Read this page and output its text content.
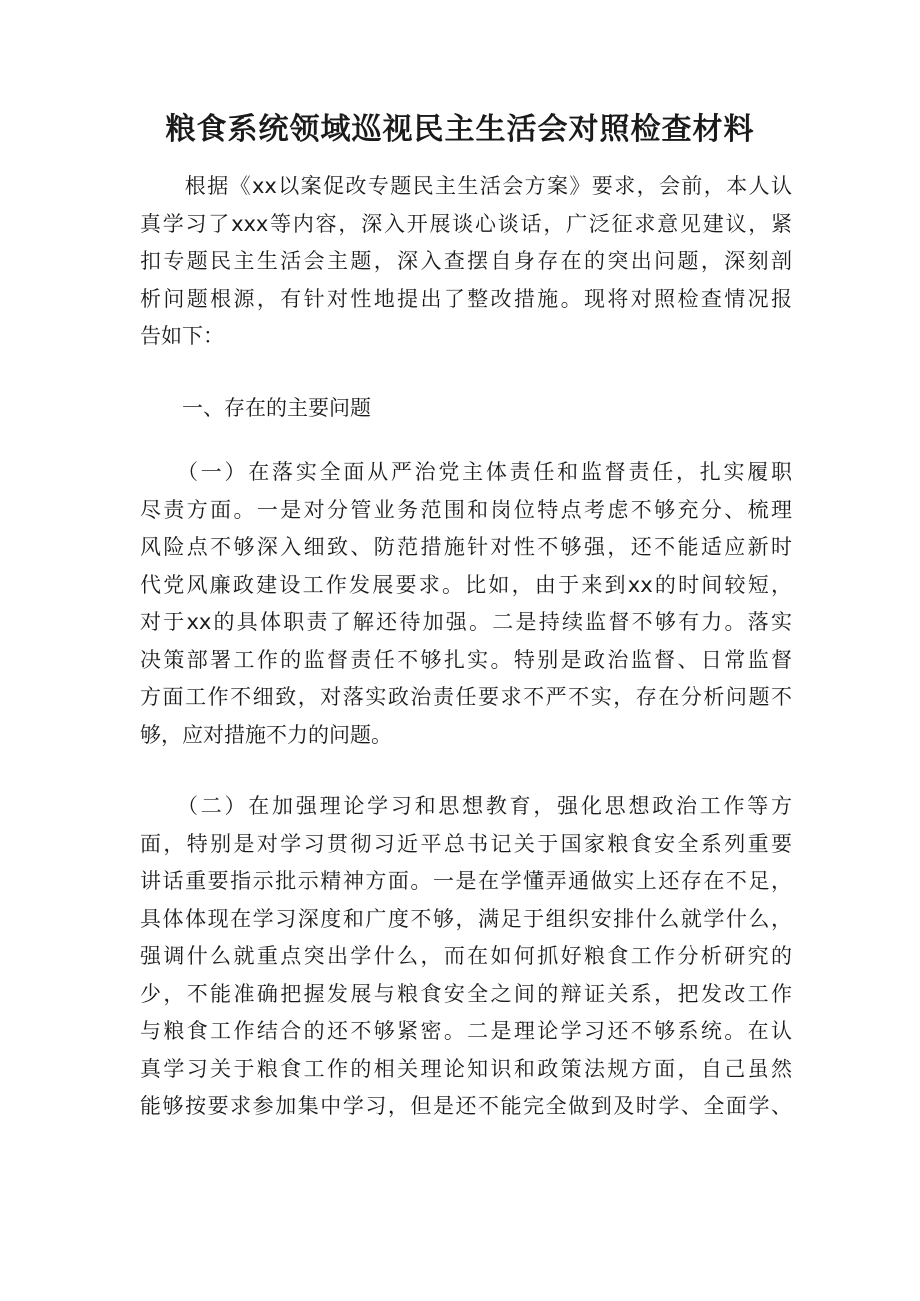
粮食系统领域巡视民主生活会对照检查材料
　　根据《xx以案促改专题民主生活会方案》要求，会前，本人认
真学习了xxx等内容，深入开展谈心谈话，广泛征求意见建议，紧
扣专题民主生活会主题，深入查摆自身存在的突出问题，深刻剖
析问题根源，有针对性地提出了整改措施。现将对照检查情况报
告如下：
　　一、存在的主要问题
　　（一）在落实全面从严治党主体责任和监督责任，扎实履职
尽责方面。一是对分管业务范围和岗位特点考虑不够充分、梳理
风险点不够深入细致、防范措施针对性不够强，还不能适应新时
代党风廉政建设工作发展要求。比如，由于来到xx的时间较短，
对于xx的具体职责了解还待加强。二是持续监督不够有力。落实
决策部署工作的监督责任不够扎实。特别是政治监督、日常监督
方面工作不细致，对落实政治责任要求不严不实，存在分析问题不
够，应对措施不力的问题。
　　（二）在加强理论学习和思想教育，强化思想政治工作等方
面，特别是对学习贯彻习近平总书记关于国家粮食安全系列重要
讲话重要指示批示精神方面。一是在学懂弄通做实上还存在不足，
具体体现在学习深度和广度不够，满足于组织安排什么就学什么，
强调什么就重点突出学什么，而在如何抓好粮食工作分析研究的
少，不能准确把握发展与粮食安全之间的辩证关系，把发改工作
与粮食工作结合的还不够紧密。二是理论学习还不够系统。在认
真学习关于粮食工作的相关理论知识和政策法规方面，自己虽然
能够按要求参加集中学习，但是还不能完全做到及时学、全面学、
